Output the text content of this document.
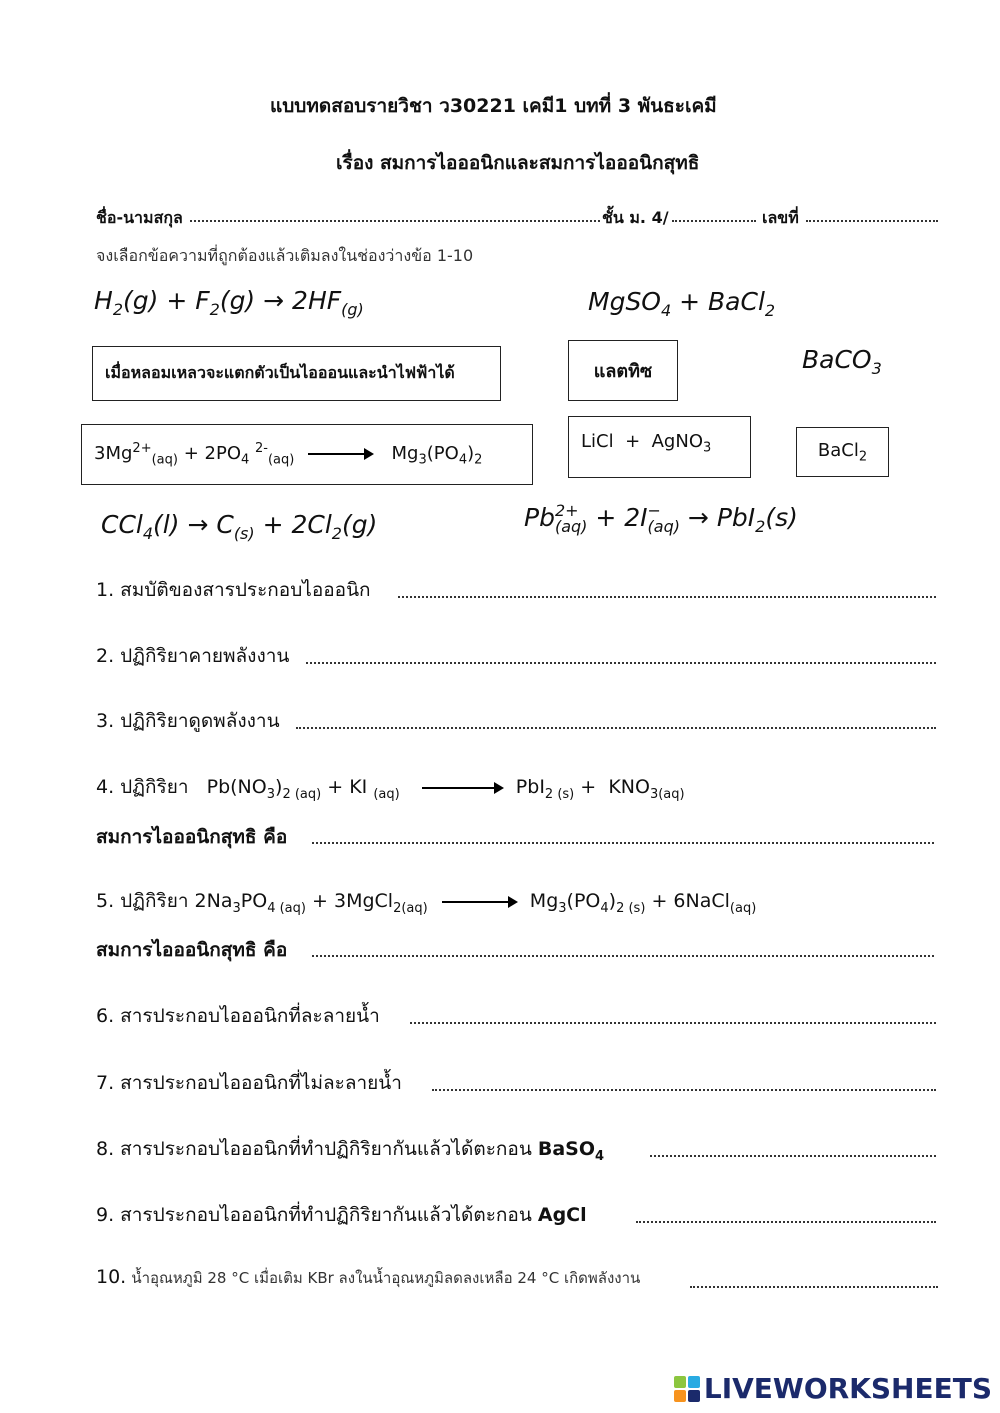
แบบทดสอบรายวิชา ว30221 เคมี1 บทที่ 3 พันธะเคมี
เรื่อง สมการไอออนิกและสมการไอออนิกสุทธิ
ชื่อ-นามสกุล	ชั้น ม. 4/	เลขที่
จงเลือกข้อความที่ถูกต้องแล้วเติมลงในช่องว่างข้อ 1-10
$H_2(g) + F_2(g) \to 2HF_{(g)}$	MgSO$_4$ + BaCl$_2$
เมื่อหลอมเหลวจะแตกตัวเป็นไอออนและนำไฟฟ้าได้	แลตทิซ	BaCO$_3$
$3Mg^{2+}_{(aq)} + 2PO_4$ $^{2-}_{(aq)}$	$Mg_3(PO_4)_2$
LiCl + AgNO$_3$	BaCl$_2$
$CCl_4(l) \to C_{(s)} + 2Cl_2(g)$	Pb 2+
(aq) + 2I −
(aq) → PbI$_2$(s)
1. สมบัติของสารประกอบไอออนิก
2. ปฏิกิริยาคายพลังงาน
3. ปฏิกิริยาดูดพลังงาน
4. ปฏิกิริยา $Pb(NO_3)_{2 (aq)}$ + KI $_{(aq)}$	$PbI_{2 (s)} + KNO_{3(aq)}$
สมการไอออนิกสุทธิ คือ
5. ปฏิกิริยา $2Na_3PO_{4 (aq)}$ + 3MgCl$_{2(aq)}$	$Mg_3(PO_4)_{2 (s)}$ + 6NaCl$_{(aq)}$
สมการไอออนิกสุทธิ คือ
6. สารประกอบไอออนิกที่ละลายน้ำ
7. สารประกอบไอออนิกที่ไม่ละลายน้ำ
8. สารประกอบไอออนิกที่ทำปฏิกิริยากันแล้วได้ตะกอน BaSO$_4$
9. สารประกอบไอออนิกที่ทำปฏิกิริยากันแล้วได้ตะกอน AgCl
10. น้ำอุณหภูมิ 28 °C เมื่อเติม KBr ลงในน้ำอุณหภูมิลดลงเหลือ 24 °C เกิดพลังงาน
LIVEWORKSHEETS
